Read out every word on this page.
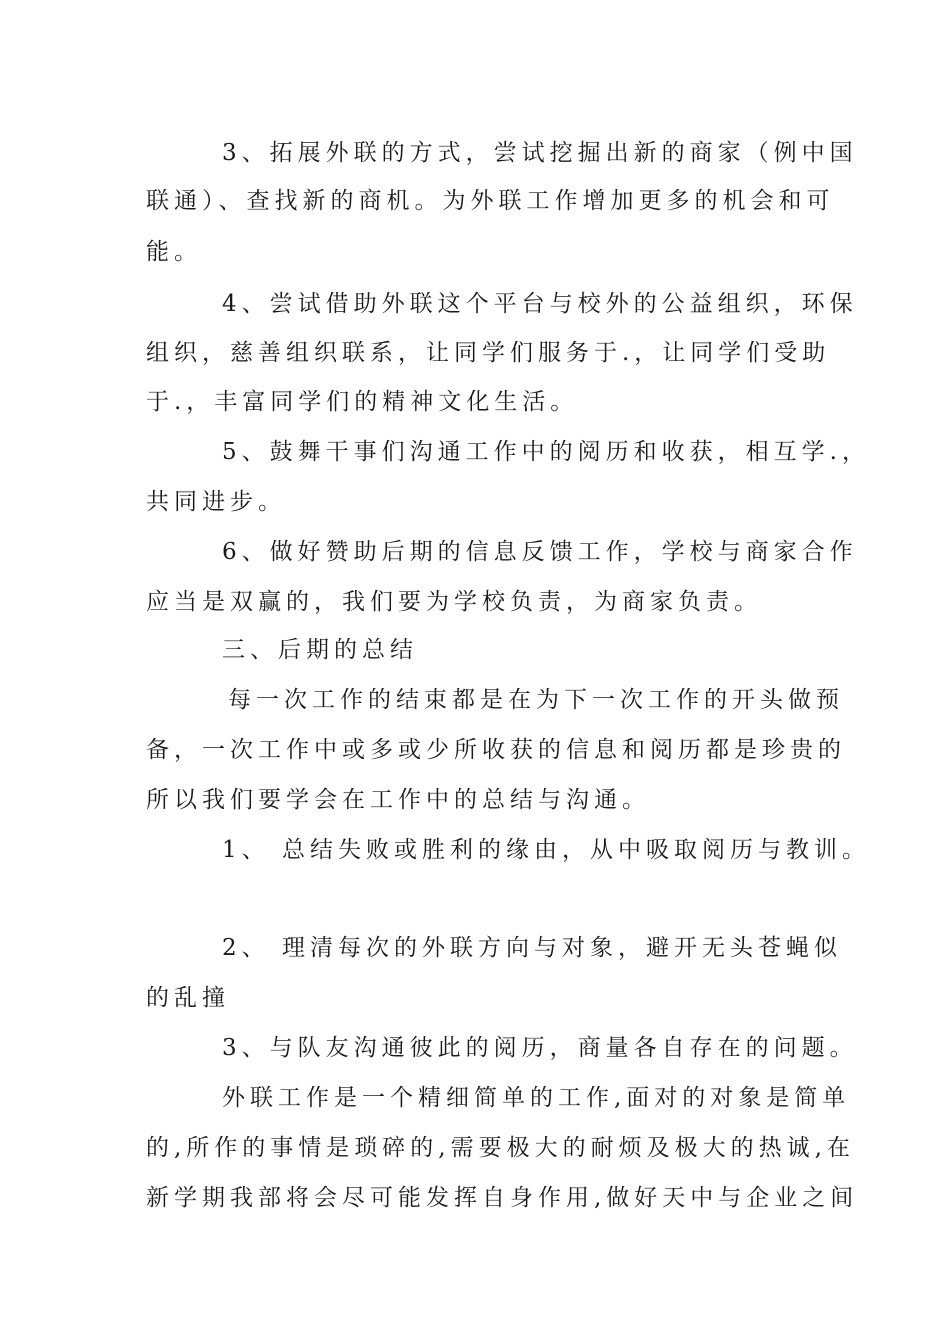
3、拓展外联的方式，尝试挖掘出新的商家（例中国
联通）、查找新的商机。为外联工作增加更多的机会和可
能。
4、尝试借助外联这个平台与校外的公益组织，环保
组织，慈善组织联系，让同学们服务于.，让同学们受助
于.，丰富同学们的精神文化生活。
5、鼓舞干事们沟通工作中的阅历和收获，相互学.，
共同进步。
6、做好赞助后期的信息反馈工作，学校与商家合作
应当是双赢的，我们要为学校负责，为商家负责。
三、后期的总结
每一次工作的结束都是在为下一次工作的开头做预
备，一次工作中或多或少所收获的信息和阅历都是珍贵的
所以我们要学会在工作中的总结与沟通。
1、 总结失败或胜利的缘由，从中吸取阅历与教训。
2、 理清每次的外联方向与对象，避开无头苍蝇似
的乱撞
3、与队友沟通彼此的阅历，商量各自存在的问题。
外联工作是一个精细简单的工作,面对的对象是简单
的,所作的事情是琐碎的,需要极大的耐烦及极大的热诚,在
新学期我部将会尽可能发挥自身作用,做好天中与企业之间
